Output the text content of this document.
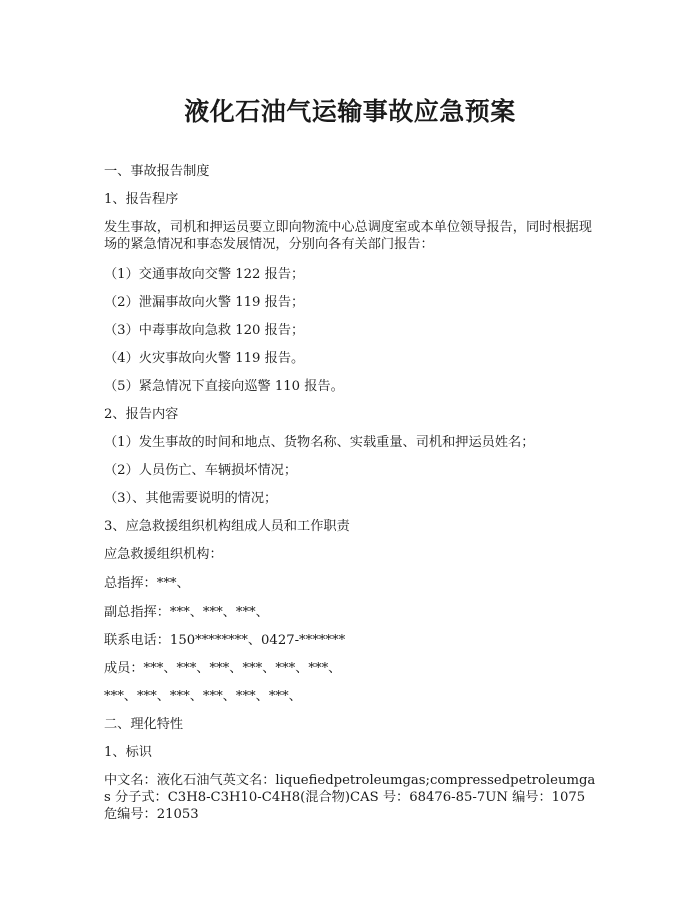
液化石油气运输事故应急预案

一、事故报告制度

1、报告程序

发生事故，司机和押运员要立即向物流中心总调度室或本单位领导报告，同时根据现场的紧急情况和事态发展情况，分别向各有关部门报告：

（1）交通事故向交警 122 报告；

（2）泄漏事故向火警 119 报告；

（3）中毒事故向急救 120 报告；

（4）火灾事故向火警 119 报告。

（5）紧急情况下直接向巡警 110 报告。

2、报告内容

（1）发生事故的时间和地点、货物名称、实载重量、司机和押运员姓名；

（2）人员伤亡、车辆损坏情况；

（3）、其他需要说明的情况；

3、应急救援组织机构组成人员和工作职责

应急救援组织机构：

总指挥：***、

副总指挥：***、***、***、

联系电话：150********、0427-*******

成员：***、***、***、***、***、***、

***、***、***、***、***、***、

二、理化特性

1、标识

中文名：液化石油气英文名：liquefiedpetroleumgas;compressedpetroleumgas 分子式：C3H8-C3H10-C4H8(混合物)CAS 号：68476-85-7UN 编号：1075 危编号：21053
